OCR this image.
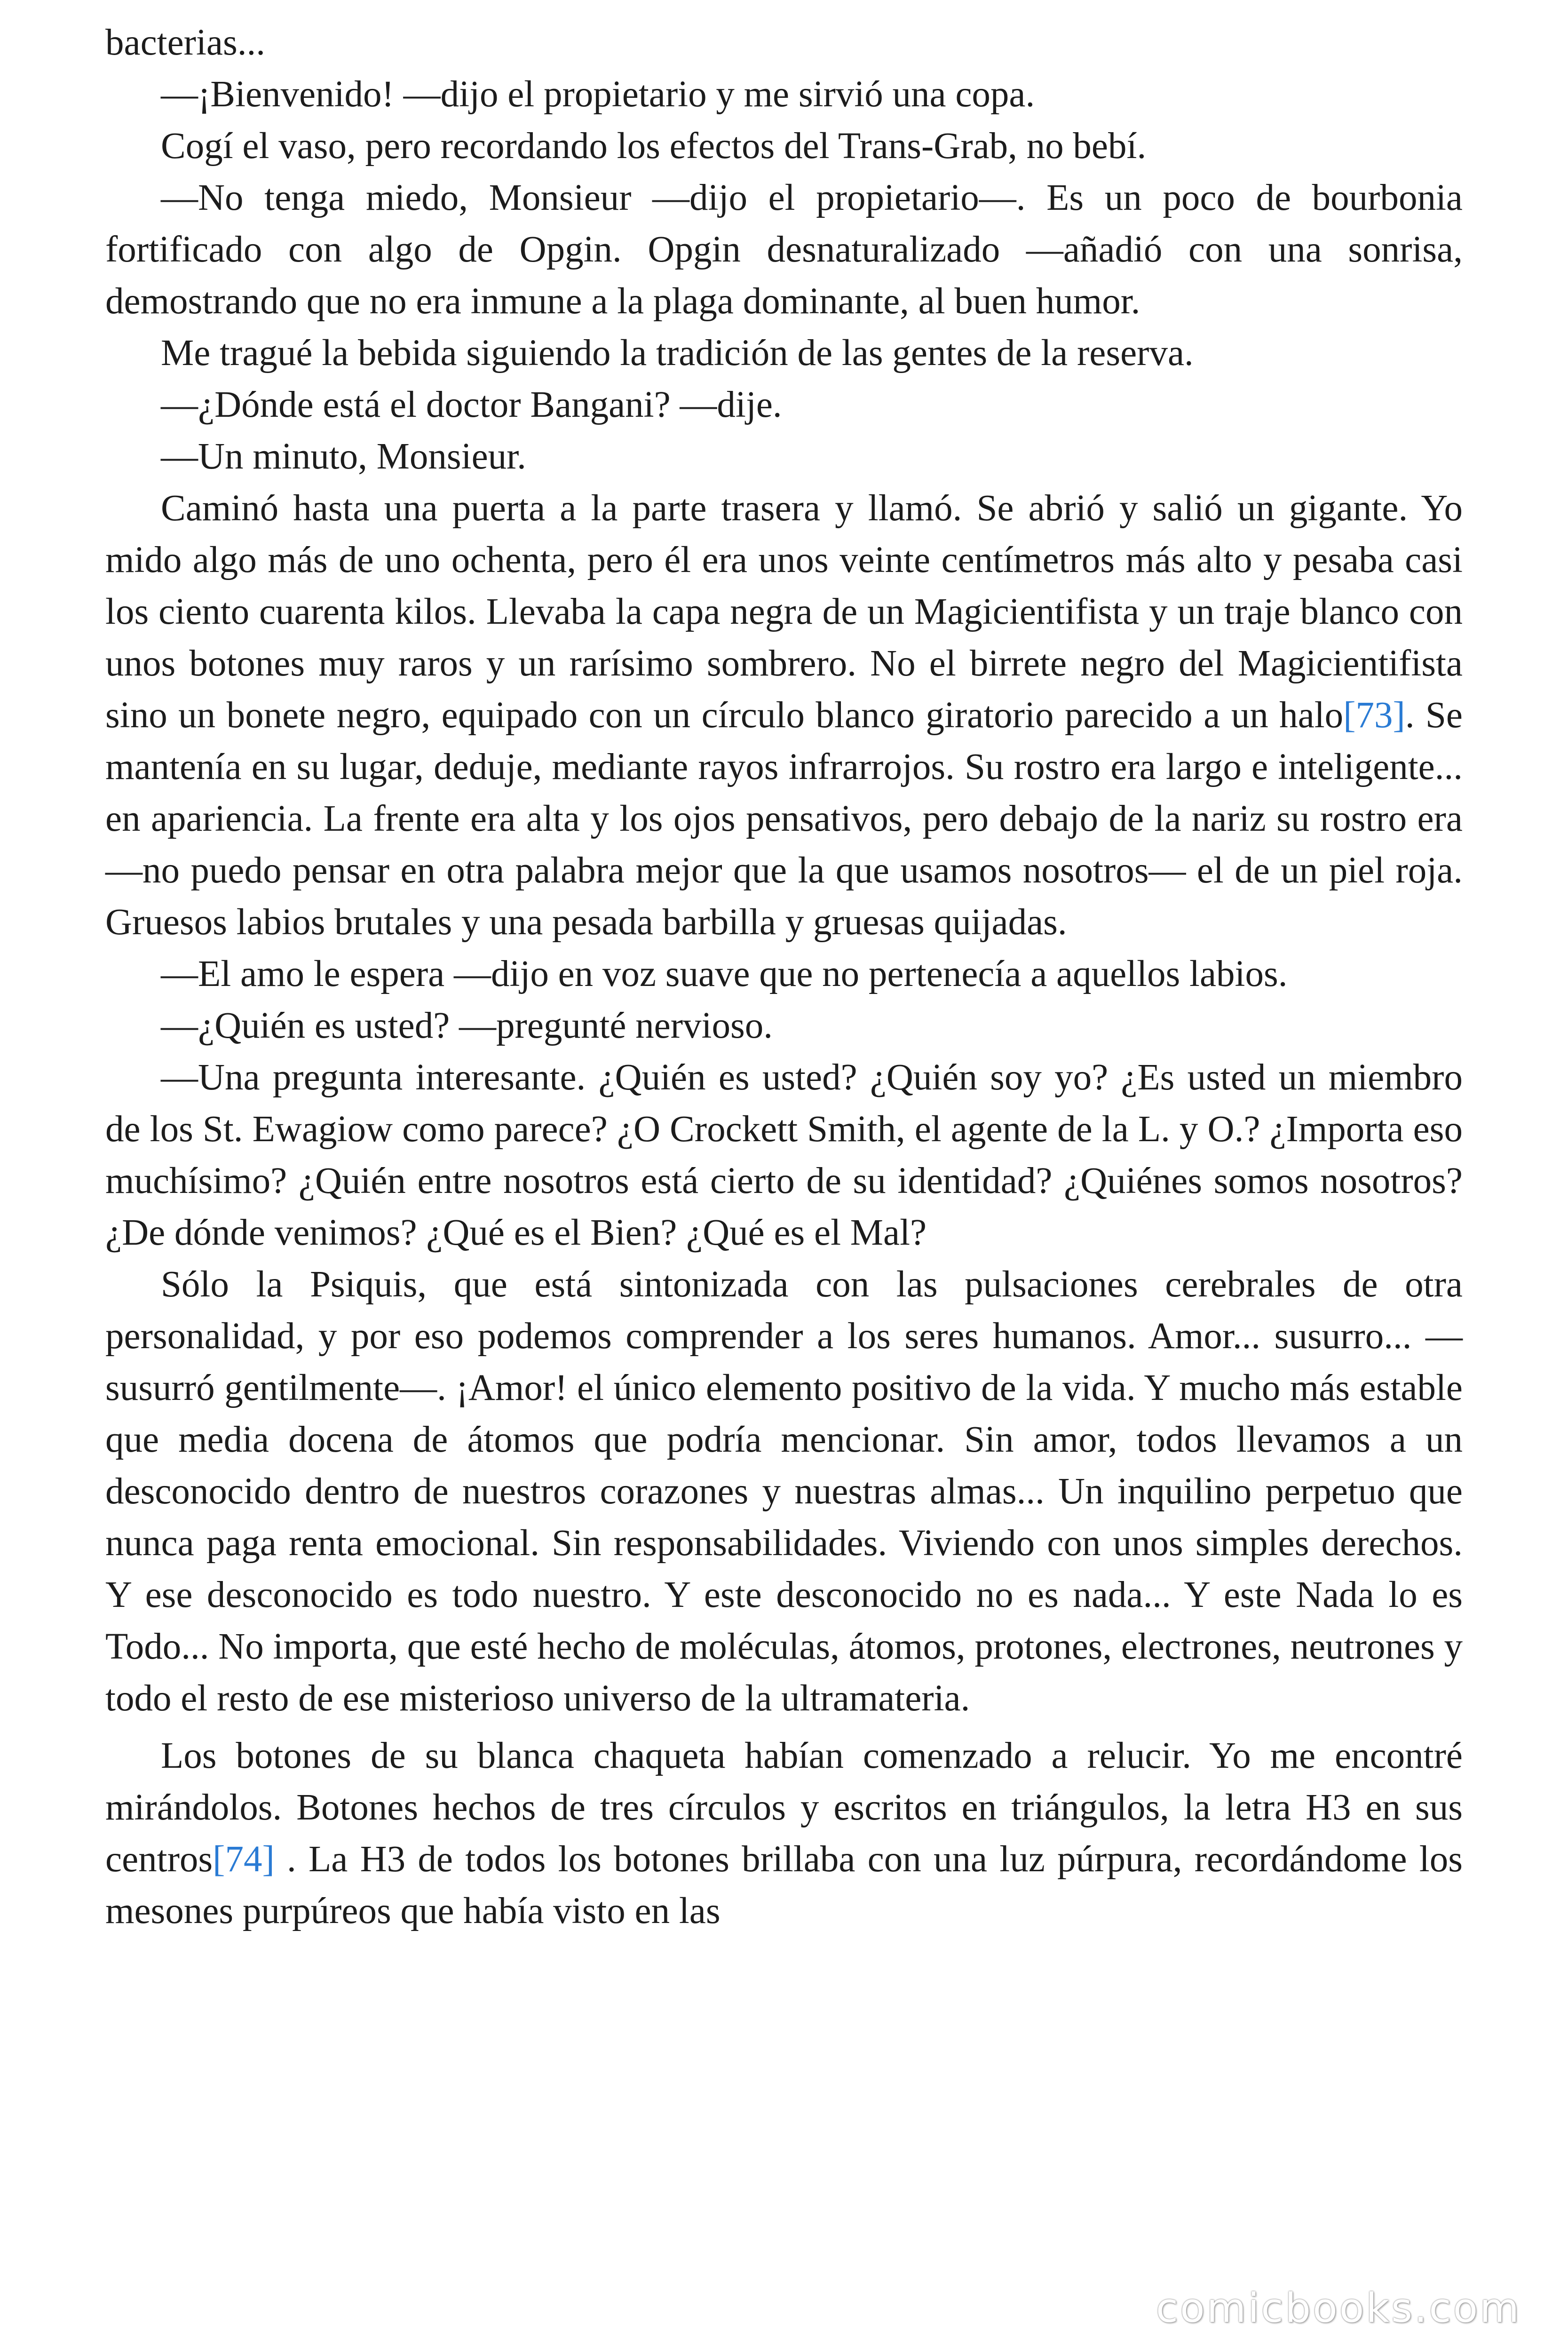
bacterias...

—¡Bienvenido! —dijo el propietario y me sirvió una copa.

Cogí el vaso, pero recordando los efectos del Trans-Grab, no bebí.

—No tenga miedo, Monsieur —dijo el propietario—. Es un poco de bourbonia fortificado con algo de Opgin. Opgin desnaturalizado —añadió con una sonrisa, demostrando que no era inmune a la plaga dominante, al buen humor.

Me tragué la bebida siguiendo la tradición de las gentes de la reserva.

—¿Dónde está el doctor Bangani? —dije.

—Un minuto, Monsieur.

Caminó hasta una puerta a la parte trasera y llamó. Se abrió y salió un gigante. Yo mido algo más de uno ochenta, pero él era unos veinte centímetros más alto y pesaba casi los ciento cuarenta kilos. Llevaba la capa negra de un Magicientifista y un traje blanco con unos botones muy raros y un rarísimo sombrero. No el birrete negro del Magicientifista sino un bonete negro, equipado con un círculo blanco giratorio parecido a un halo[73]. Se mantenía en su lugar, deduje, mediante rayos infrarrojos. Su rostro era largo e inteligente... en apariencia. La frente era alta y los ojos pensativos, pero debajo de la nariz su rostro era —no puedo pensar en otra palabra mejor que la que usamos nosotros— el de un piel roja. Gruesos labios brutales y una pesada barbilla y gruesas quijadas.

—El amo le espera —dijo en voz suave que no pertenecía a aquellos labios.

—¿Quién es usted? —pregunté nervioso.

—Una pregunta interesante. ¿Quién es usted? ¿Quién soy yo? ¿Es usted un miembro de los St. Ewagiow como parece? ¿O Crockett Smith, el agente de la L. y O.? ¿Importa eso muchísimo? ¿Quién entre nosotros está cierto de su identidad? ¿Quiénes somos nosotros? ¿De dónde venimos? ¿Qué es el Bien? ¿Qué es el Mal?

Sólo la Psiquis, que está sintonizada con las pulsaciones cerebrales de otra personalidad, y por eso podemos comprender a los seres humanos. Amor... susurro... —susurró gentilmente—. ¡Amor! el único elemento positivo de la vida. Y mucho más estable que media docena de átomos que podría mencionar. Sin amor, todos llevamos a un desconocido dentro de nuestros corazones y nuestras almas... Un inquilino perpetuo que nunca paga renta emocional. Sin responsabilidades. Viviendo con unos simples derechos. Y ese desconocido es todo nuestro. Y este desconocido no es nada... Y este Nada lo es Todo... No importa, que esté hecho de moléculas, átomos, protones, electrones, neutrones y todo el resto de ese misterioso universo de la ultramateria.

Los botones de su blanca chaqueta habían comenzado a relucir. Yo me encontré mirándolos. Botones hechos de tres círculos y escritos en triángulos, la letra H3 en sus centros[74] . La H3 de todos los botones brillaba con una luz púrpura, recordándome los mesones purpúreos que había visto en las

comicbooks.com
